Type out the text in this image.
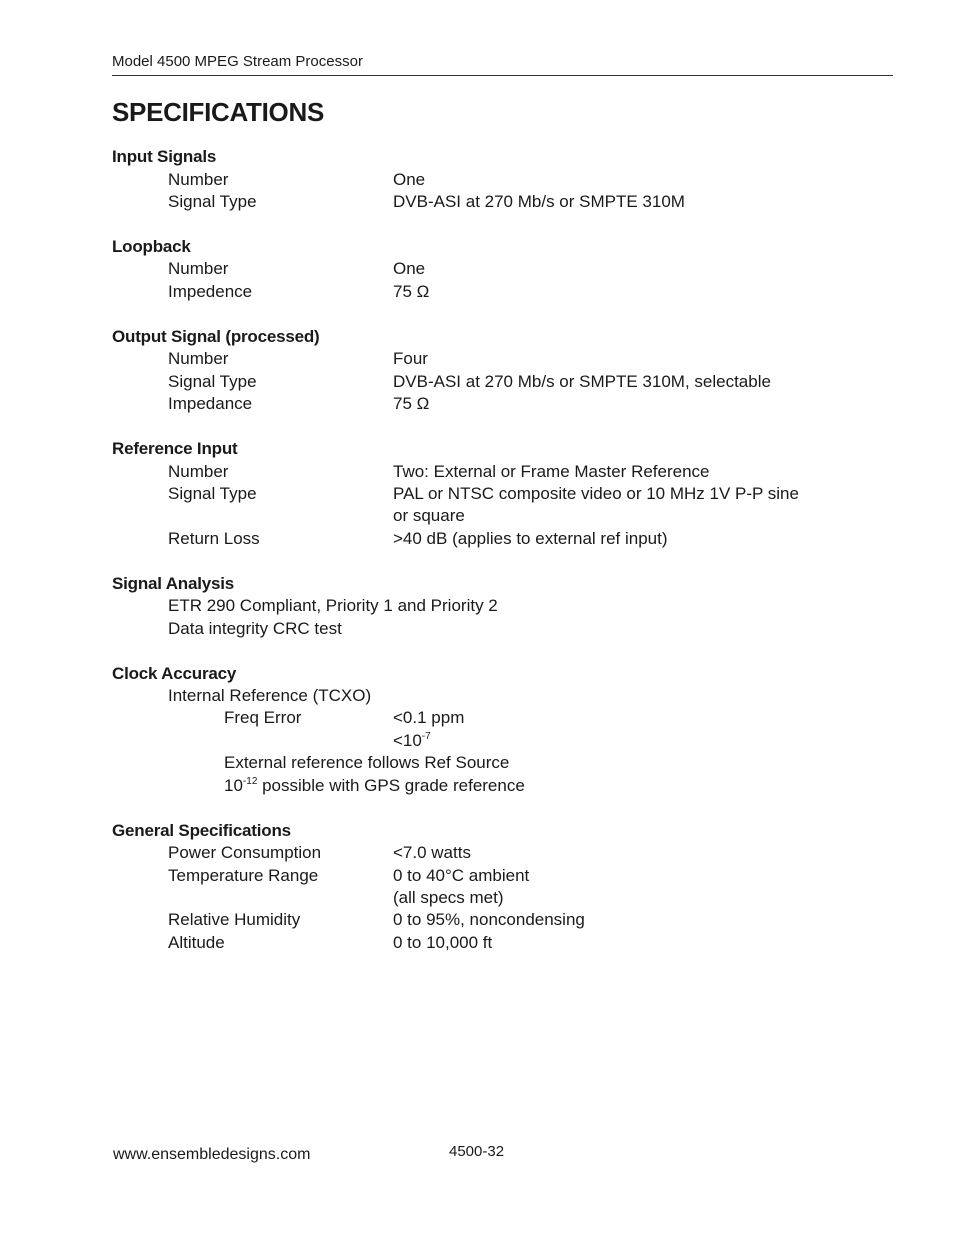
Model 4500 MPEG Stream Processor
SPECIFICATIONS
Input Signals
Number	One
Signal Type	DVB-ASI at 270 Mb/s or SMPTE 310M
Loopback
Number	One
Impedence	75 Ω
Output Signal (processed)
Number	Four
Signal Type	DVB-ASI at 270 Mb/s or SMPTE 310M, selectable
Impedance	75 Ω
Reference Input
Number	Two: External or Frame Master Reference
Signal Type	PAL or NTSC composite video or 10 MHz 1V P-P sine
or square
Return Loss	>40 dB (applies to external ref input)
Signal Analysis
ETR 290 Compliant, Priority 1 and Priority 2
Data integrity CRC test
Clock Accuracy
Internal Reference (TCXO)
Freq Error	<0.1 ppm
$<10^{-7}$
External reference follows Ref Source
$10^{-12}$ possible with GPS grade reference
General Specifications
Power Consumption	<7.0 watts
Temperature Range	0 to 40°C ambient
(all specs met)
Relative Humidity	0 to 95%, noncondensing
Altitude	0 to 10,000 ft
www.ensembledesigns.com	4500-32
